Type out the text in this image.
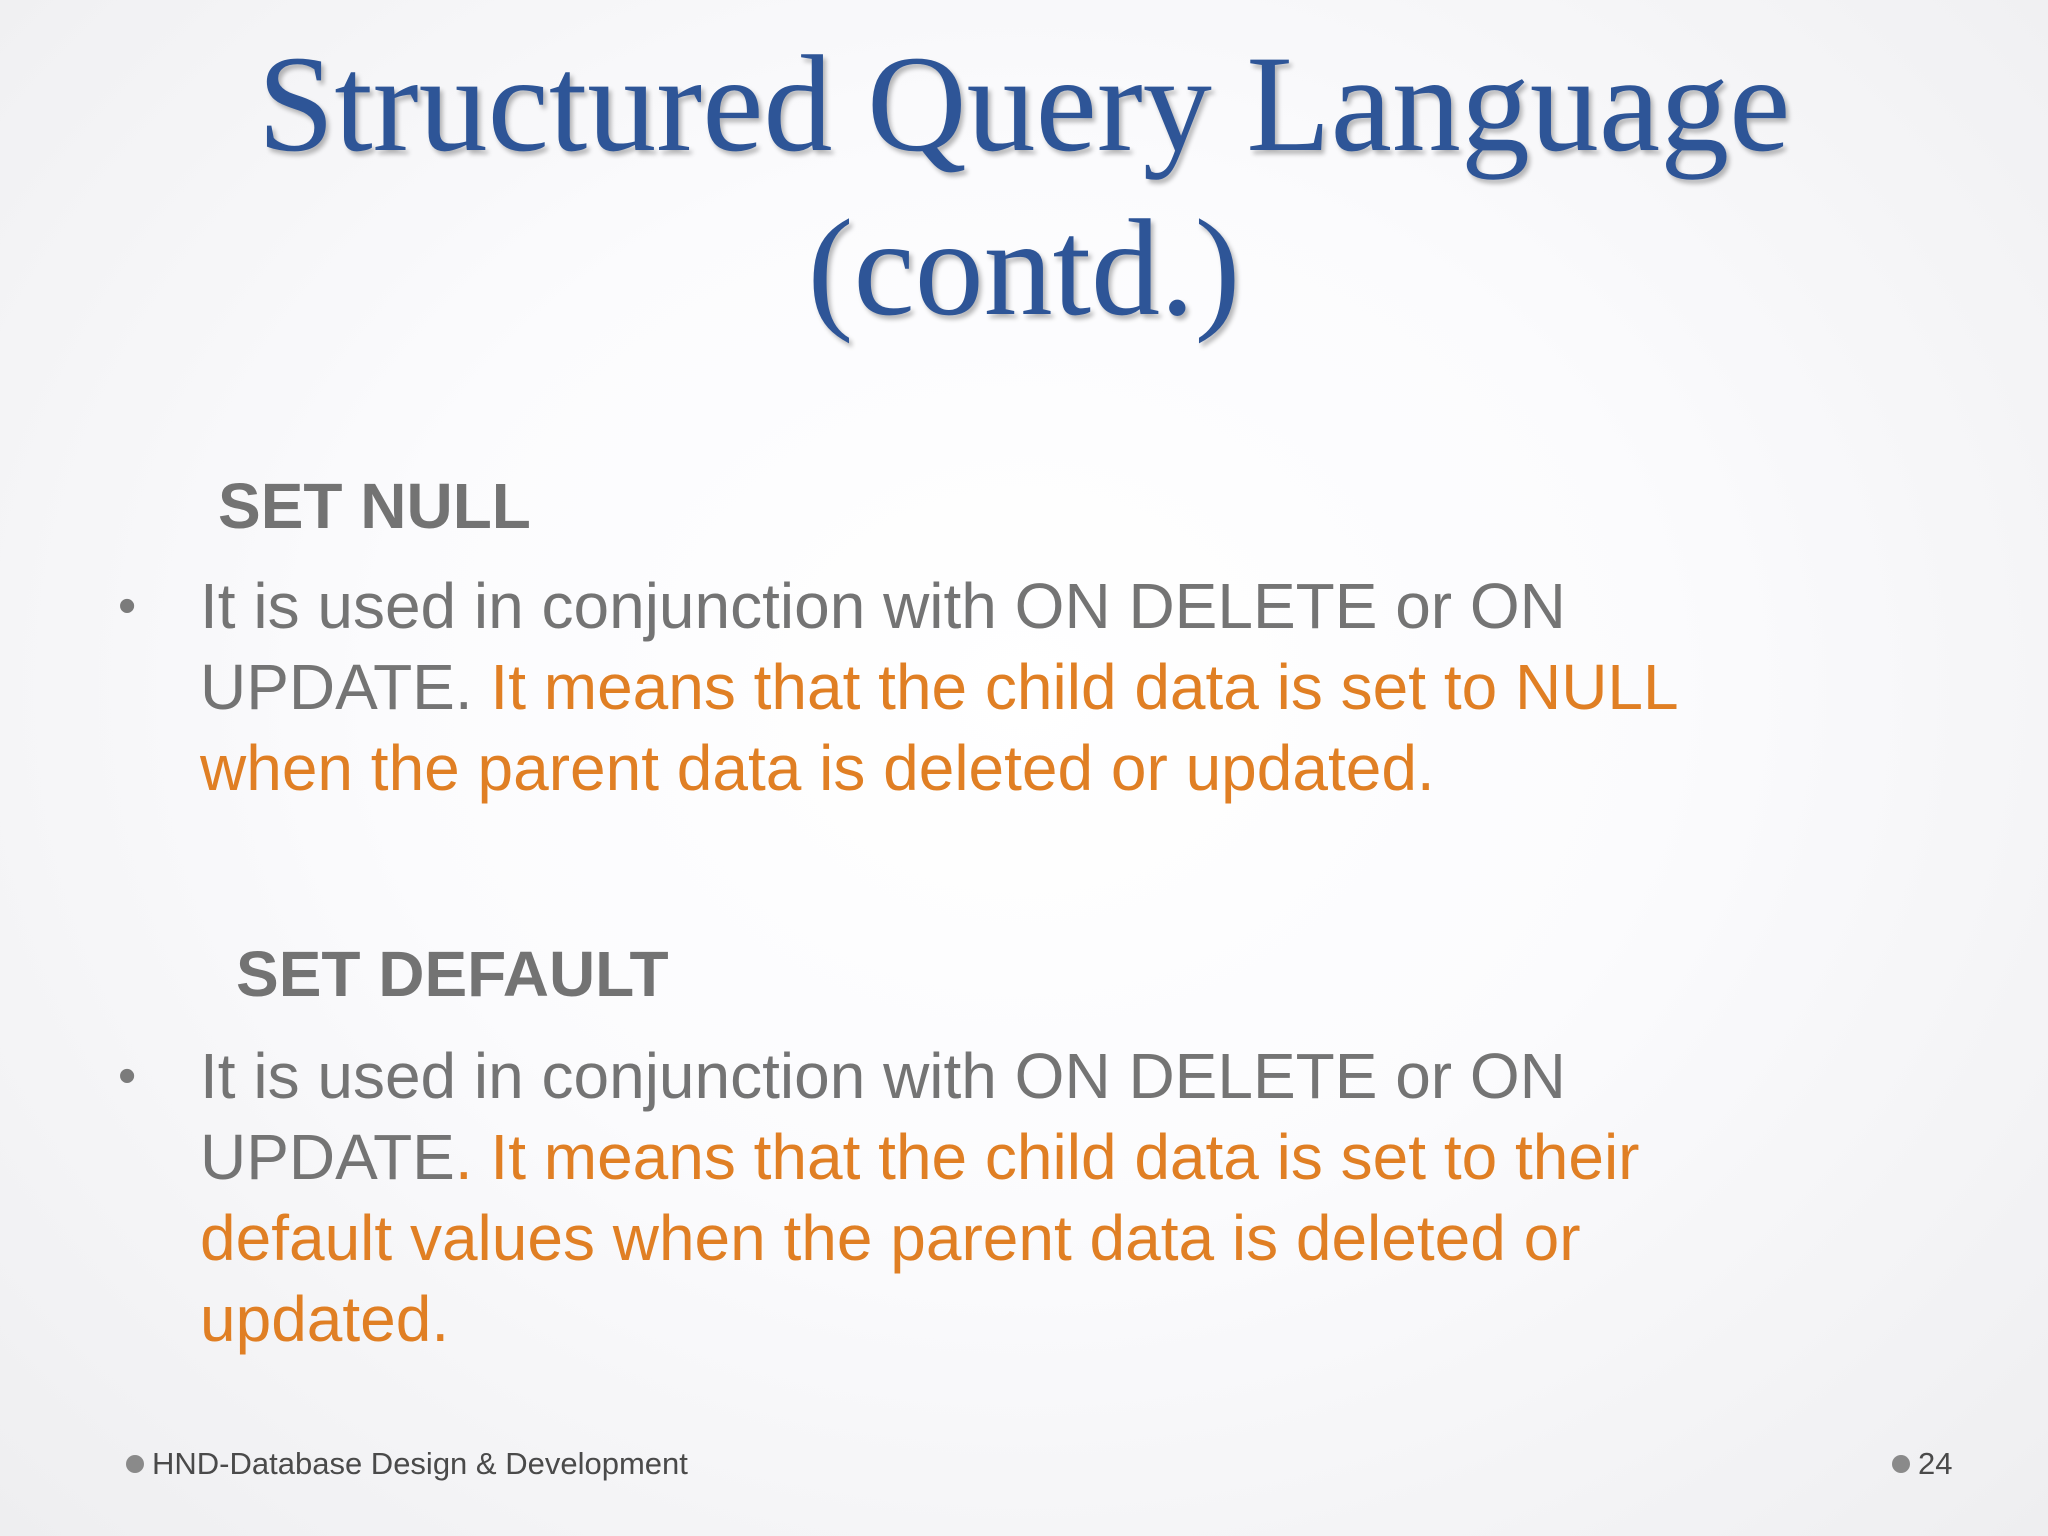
Structured Query Language
(contd.)
SET NULL
• It is used in conjunction with ON DELETE or ON UPDATE. It means that the child data is set to NULL when the parent data is deleted or updated.
SET DEFAULT
• It is used in conjunction with ON DELETE or ON UPDATE. It means that the child data is set to their default values when the parent data is deleted or updated.
HND-Database Design & Development	24
